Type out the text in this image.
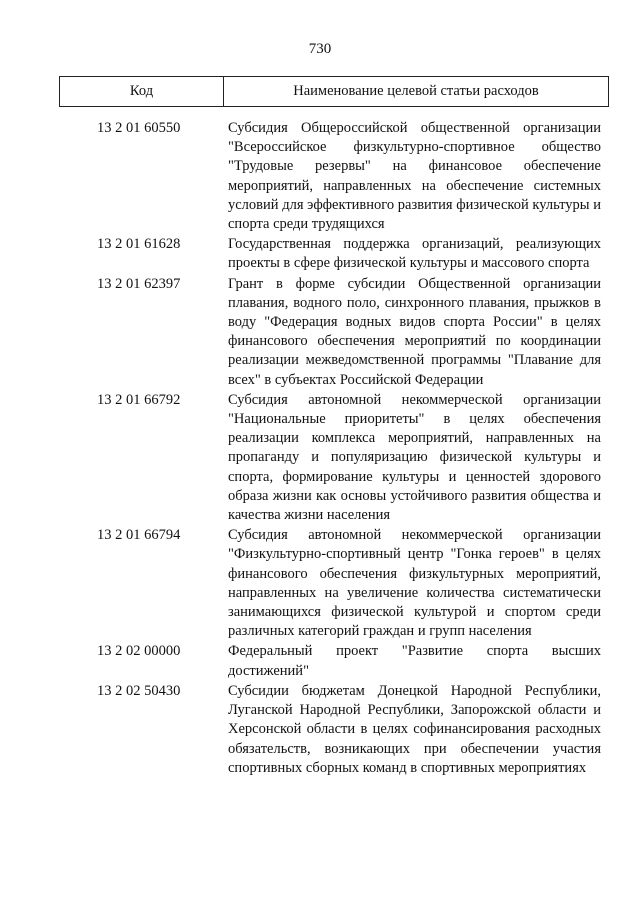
730
Код	Наименование целевой статьи расходов
13 2 01 60550	Субсидия Общероссийской общественной организации "Всероссийское физкультурно-спортивное общество "Трудовые резервы" на финансовое обеспечение мероприятий, направленных на обеспечение системных условий для эффективного развития физической культуры и спорта среди трудящихся
13 2 01 61628	Государственная поддержка организаций, реализующих проекты в сфере физической культуры и массового спорта
13 2 01 62397	Грант в форме субсидии Общественной организации плавания, водного поло, синхронного плавания, прыжков в воду "Федерация водных видов спорта России" в целях финансового обеспечения мероприятий по координации реализации межведомственной программы "Плавание для всех" в субъектах Российской Федерации
13 2 01 66792	Субсидия автономной некоммерческой организации "Национальные приоритеты" в целях обеспечения реализации комплекса мероприятий, направленных на пропаганду и популяризацию физической культуры и спорта, формирование культуры и ценностей здорового образа жизни как основы устойчивого развития общества и качества жизни населения
13 2 01 66794	Субсидия автономной некоммерческой организации "Физкультурно-спортивный центр "Гонка героев" в целях финансового обеспечения физкультурных мероприятий, направленных на увеличение количества систематически занимающихся физической культурой и спортом среди различных категорий граждан и групп населения
13 2 02 00000	Федеральный проект "Развитие спорта высших достижений"
13 2 02 50430	Субсидии бюджетам Донецкой Народной Республики, Луганской Народной Республики, Запорожской области и Херсонской области в целях софинансирования расходных обязательств, возникающих при обеспечении участия спортивных сборных команд в спортивных мероприятиях
